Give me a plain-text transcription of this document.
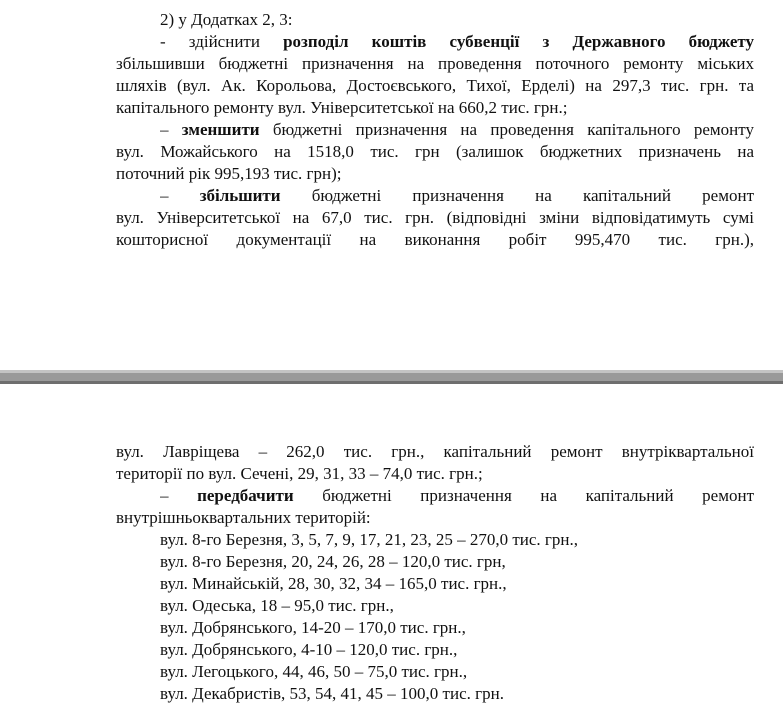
2) у Додатках 2, 3:
- здійснити розподіл коштів субвенції з Державного бюджету
збільшивши бюджетні призначення на проведення поточного ремонту міських
шляхів (вул. Ак. Корольова, Достоєвського, Тихої, Ерделі) на 297,3 тис. грн. та
капітального ремонту вул. Університетської на 660,2 тис. грн.;
– зменшити бюджетні призначення на проведення капітального ремонту
вул. Можайського на 1518,0 тис. грн (залишок бюджетних призначень на
поточний рік 995,193 тис. грн);
– збільшити бюджетні призначення на капітальний ремонт
вул. Університетської на 67,0 тис. грн. (відповідні зміни відповідатимуть сумі
кошторисної документації на виконання робіт 995,470 тис. грн.),
вул. Лавріщева – 262,0 тис. грн., капітальний ремонт внутріквартальної
території по вул. Сечені, 29, 31, 33 – 74,0 тис. грн.;
– передбачити бюджетні призначення на капітальний ремонт
внутрішньоквартальних територій:
вул. 8-го Березня, 3, 5, 7, 9, 17, 21, 23, 25 – 270,0 тис. грн.,
вул. 8-го Березня, 20, 24, 26, 28 – 120,0 тис. грн,
вул. Минайській, 28, 30, 32, 34 – 165,0 тис. грн.,
вул. Одеська, 18 – 95,0 тис. грн.,
вул. Добрянського, 14-20 – 170,0 тис. грн.,
вул. Добрянського, 4-10 – 120,0 тис. грн.,
вул. Легоцького, 44, 46, 50 – 75,0 тис. грн.,
вул. Декабристів, 53, 54, 41, 45 – 100,0 тис. грн.
